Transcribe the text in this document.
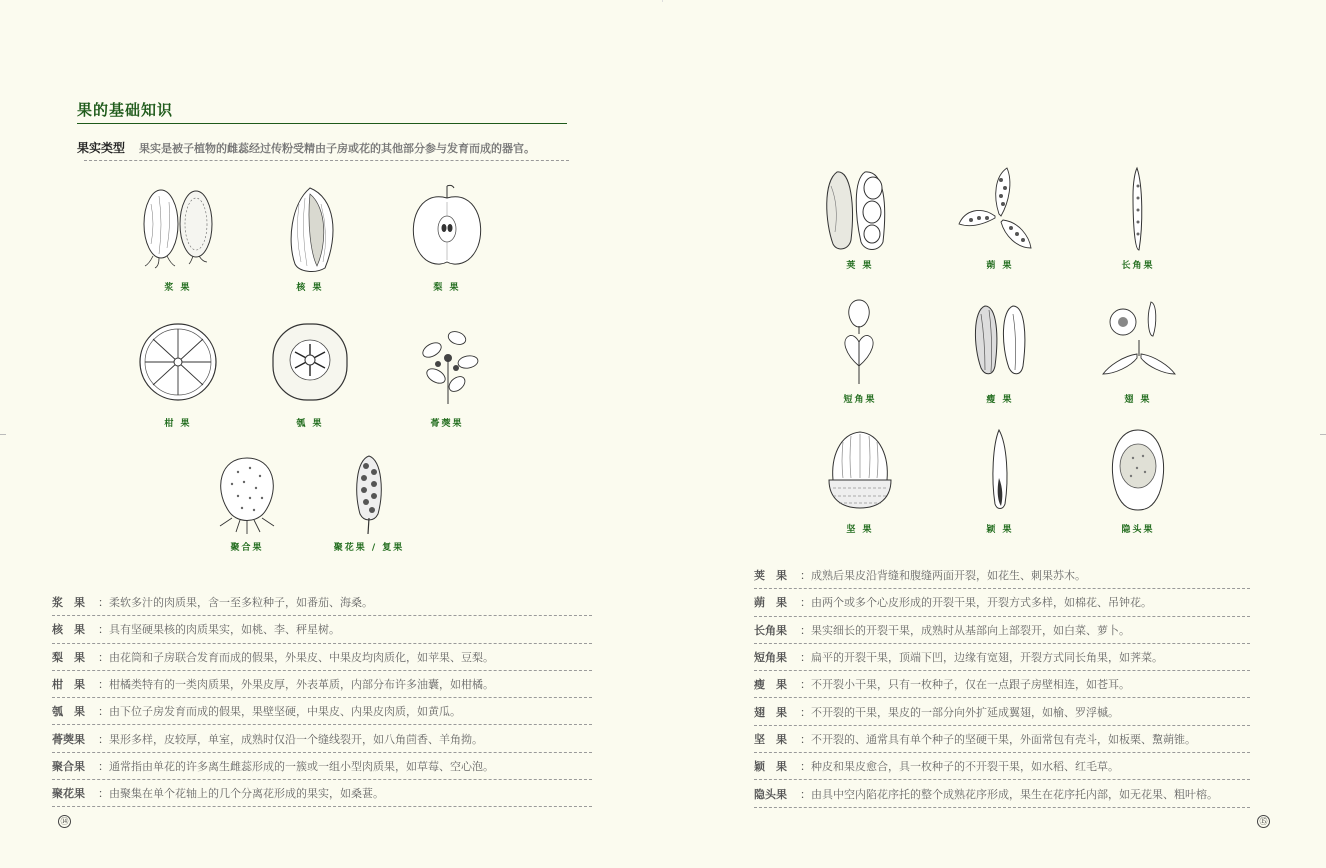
果的基础知识
果实类型 果实是被子植物的雌蕊经过传粉受精由子房或花的其他部分参与发育而成的器官。
浆 果	核 果	梨 果
柑 果	瓠 果	蓇葖果
聚合果	聚花果 / 复果
浆　果	： 柔软多汁的肉质果，含一至多粒种子，如番茄、海桑。
核　果	： 具有坚硬果核的肉质果实，如桃、李、秤星树。
梨　果	： 由花筒和子房联合发育而成的假果，外果皮、中果皮均肉质化，如苹果、豆梨。
柑　果	： 柑橘类特有的一类肉质果，外果皮厚，外表革质，内部分布许多油囊，如柑橘。
瓠　果	： 由下位子房发育而成的假果，果壁坚硬，中果皮、内果皮肉质，如黄瓜。
蓇葖果	： 果形多样，皮较厚，单室，成熟时仅沿一个缝线裂开，如八角茴香、羊角拗。
聚合果	： 通常指由单花的许多离生雌蕊形成的一簇或一组小型肉质果，如草莓、空心泡。
聚花果	： 由聚集在单个花轴上的几个分离花形成的果实，如桑葚。
⑭
荚 果	蒴 果	长角果
短角果	瘦 果	翅 果
坚 果	颖 果	隐头果
荚　果	： 成熟后果皮沿背缝和腹缝两面开裂，如花生、刺果苏木。
蒴　果	： 由两个或多个心皮形成的开裂干果，开裂方式多样，如棉花、吊钟花。
长角果	： 果实细长的开裂干果，成熟时从基部向上部裂开，如白菜、萝卜。
短角果	： 扁平的开裂干果，顶端下凹，边缘有宽翅，开裂方式同长角果，如荠菜。
瘦　果	： 不开裂小干果，只有一枚种子，仅在一点跟子房壁相连，如苍耳。
翅　果	： 不开裂的干果，果皮的一部分向外扩延成翼翅，如榆、罗浮槭。
坚　果	： 不开裂的、通常具有单个种子的坚硬干果，外面常包有壳斗，如板栗、黧蒴锥。
颖　果	： 种皮和果皮愈合，具一枚种子的不开裂干果，如水稻、红毛草。
隐头果	： 由具中空内陷花序托的整个成熟花序形成，果生在花序托内部，如无花果、粗叶榕。
⑮
